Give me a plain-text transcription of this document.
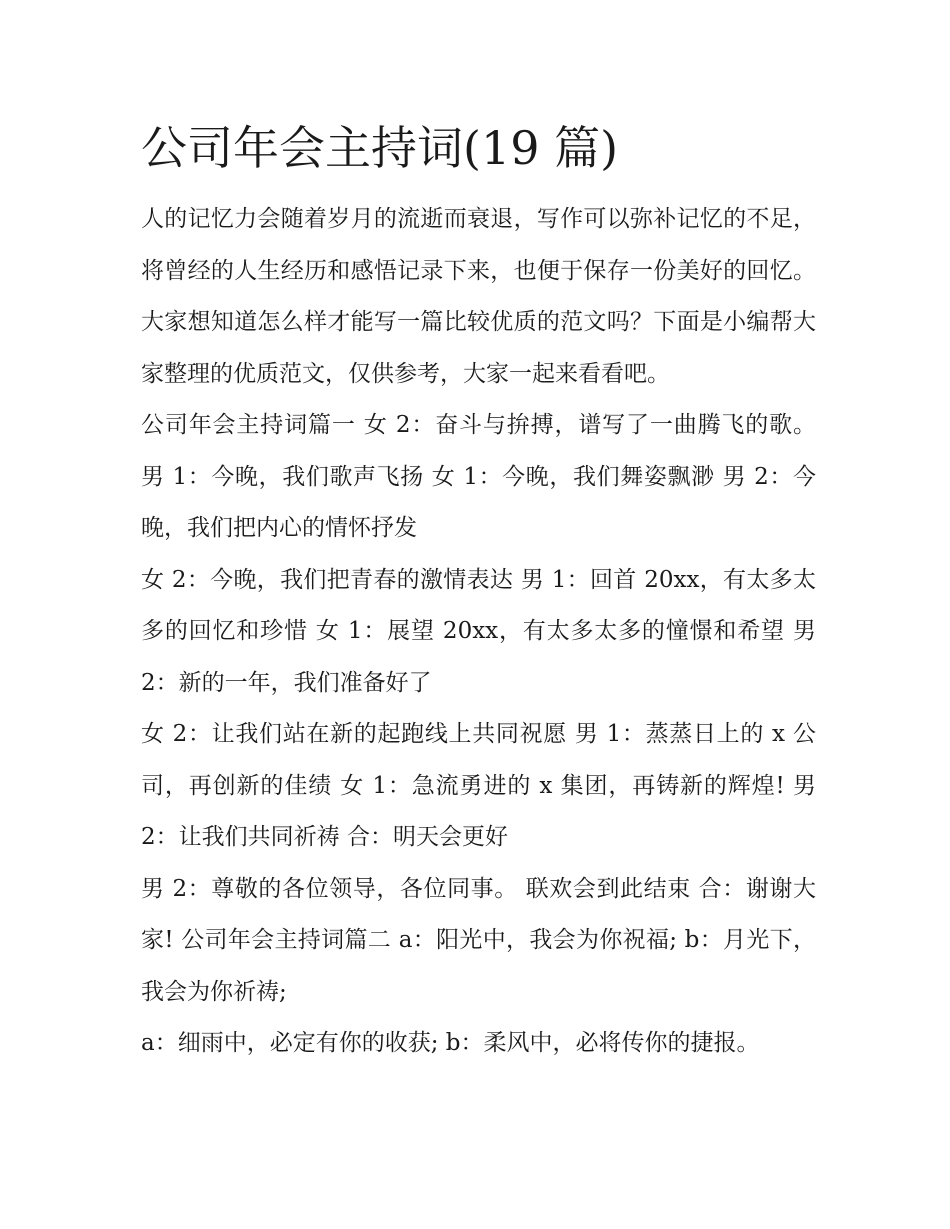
公司年会主持词(19 篇)

人的记忆力会随着岁月的流逝而衰退，写作可以弥补记忆的不足，将曾经的人生经历和感悟记录下来，也便于保存一份美好的回忆。大家想知道怎么样才能写一篇比较优质的范文吗？下面是小编帮大家整理的优质范文，仅供参考，大家一起来看看吧。

公司年会主持词篇一 女 2：奋斗与拚搏，谱写了一曲腾飞的歌。 男 1：今晚，我们歌声飞扬 女 1：今晚，我们舞姿飘渺 男 2：今晚，我们把内心的情怀抒发

女 2：今晚，我们把青春的激情表达 男 1：回首 20xx，有太多太多的回忆和珍惜 女 1：展望 20xx，有太多太多的憧憬和希望 男 2：新的一年，我们准备好了

女 2：让我们站在新的起跑线上共同祝愿 男 1：蒸蒸日上的 x 公司，再创新的佳绩 女 1：急流勇进的 x 集团，再铸新的辉煌! 男 2：让我们共同祈祷 合：明天会更好

男 2：尊敬的各位领导，各位同事。 联欢会到此结束 合：谢谢大家! 公司年会主持词篇二 a：阳光中，我会为你祝福; b：月光下，我会为你祈祷;

a：细雨中，必定有你的收获; b：柔风中，必将传你的捷报。
